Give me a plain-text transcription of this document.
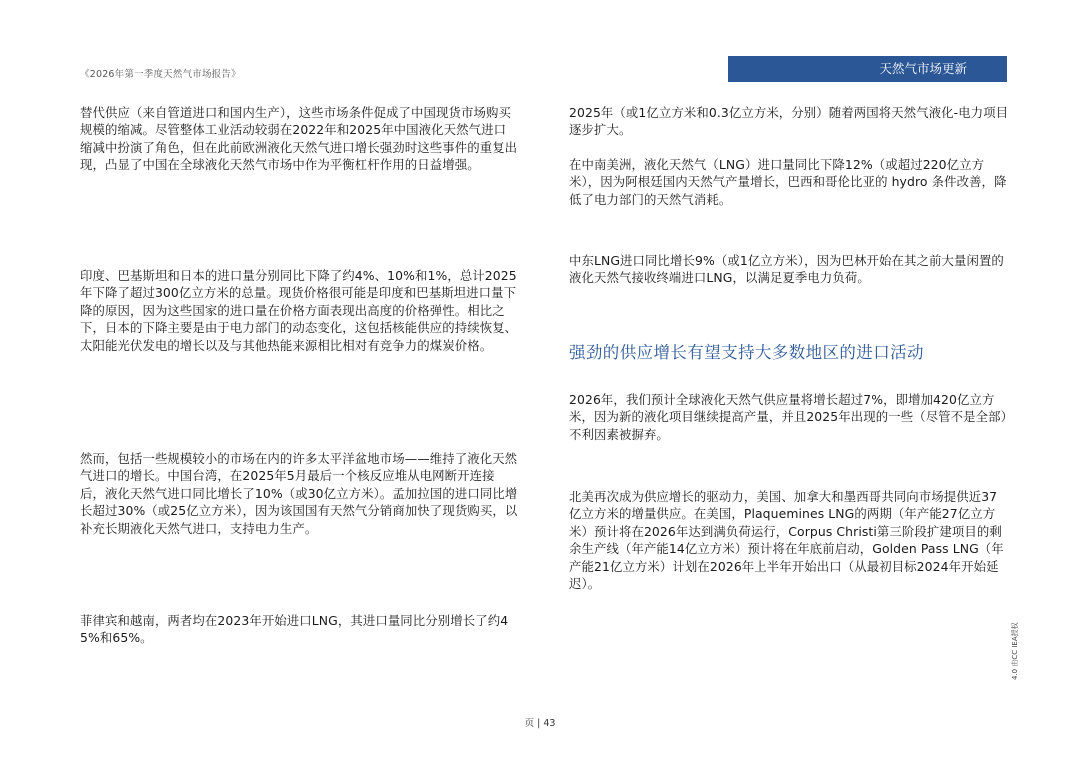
《2026年第一季度天然气市场报告》	天然气市场更新

替代供应（来自管道进口和国内生产），这些市场条件促成了中国现货市场购买规模的缩减。尽管整体工业活动较弱在2022年和2025年中国液化天然气进口缩减中扮演了角色，但在此前欧洲液化天然气进口增长强劲时这些事件的重复出现，凸显了中国在全球液化天然气市场中作为平衡杠杆作用的日益增强。

印度、巴基斯坦和日本的进口量分别同比下降了约4%、10%和1%，总计2025年下降了超过300亿立方米的总量。现货价格很可能是印度和巴基斯坦进口量下降的原因，因为这些国家的进口量在价格方面表现出高度的价格弹性。相比之下，日本的下降主要是由于电力部门的动态变化，这包括核能供应的持续恢复、太阳能光伏发电的增长以及与其他热能来源相比相对有竞争力的煤炭价格。

然而，包括一些规模较小的市场在内的许多太平洋盆地市场——维持了液化天然气进口的增长。中国台湾，在2025年5月最后一个核反应堆从电网断开连接后，液化天然气进口同比增长了10%（或30亿立方米）。孟加拉国的进口同比增长超过30%（或25亿立方米），因为该国国有天然气分销商加快了现货购买，以补充长期液化天然气进口，支持电力生产。

菲律宾和越南，两者均在2023年开始进口LNG，其进口量同比分别增长了约45%和65%。

2025年（或1亿立方米和0.3亿立方米，分别）随着两国将天然气液化-电力项目逐步扩大。

在中南美洲，液化天然气（LNG）进口量同比下降12%（或超过220亿立方米），因为阿根廷国内天然气产量增长，巴西和哥伦比亚的 hydro 条件改善，降低了电力部门的天然气消耗。

中东LNG进口同比增长9%（或1亿立方米），因为巴林开始在其之前大量闲置的液化天然气接收终端进口LNG，以满足夏季电力负荷。

强劲的供应增长有望支持大多数地区的进口活动

2026年，我们预计全球液化天然气供应量将增长超过7%，即增加420亿立方米，因为新的液化项目继续提高产量，并且2025年出现的一些（尽管不是全部）不利因素被摒弃。

北美再次成为供应增长的驱动力，美国、加拿大和墨西哥共同向市场提供近37亿立方米的增量供应。在美国，Plaquemines LNG的两期（年产能27亿立方米）预计将在2026年达到满负荷运行，Corpus Christi第三阶段扩建项目的剩余生产线（年产能14亿立方米）预计将在年底前启动，Golden Pass LNG（年产能21亿立方米）计划在2026年上半年开始出口（从最初目标2024年开始延迟）。

页 | 43
4.0 由CC IEA授权
